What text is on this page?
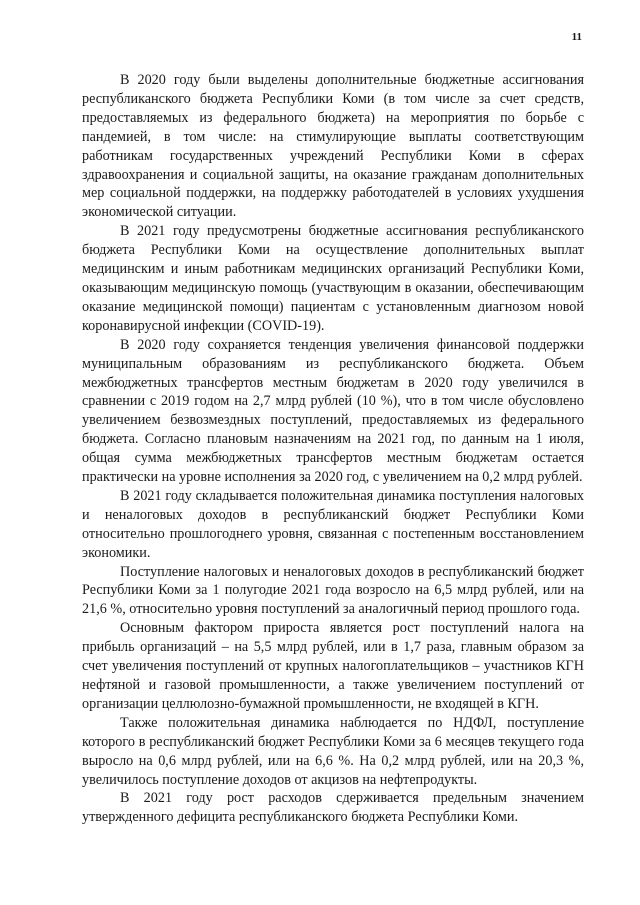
11

В 2020 году были выделены дополнительные бюджетные ассигнования республиканского бюджета Республики Коми (в том числе за счет средств, предоставляемых из федерального бюджета) на мероприятия по борьбе с пандемией, в том числе: на стимулирующие выплаты соответствующим работникам государственных учреждений Республики Коми в сферах здравоохранения и социальной защиты, на оказание гражданам дополнительных мер социальной поддержки, на поддержку работодателей в условиях ухудшения экономической ситуации.

В 2021 году предусмотрены бюджетные ассигнования республиканского бюджета Республики Коми на осуществление дополнительных выплат медицинским и иным работникам медицинских организаций Республики Коми, оказывающим медицинскую помощь (участвующим в оказании, обеспечивающим оказание медицинской помощи) пациентам с установленным диагнозом новой коронавирусной инфекции (COVID-19).

В 2020 году сохраняется тенденция увеличения финансовой поддержки муниципальным образованиям из республиканского бюджета. Объем межбюджетных трансфертов местным бюджетам в 2020 году увеличился в сравнении с 2019 годом на 2,7 млрд рублей (10 %), что в том числе обусловлено увеличением безвозмездных поступлений, предоставляемых из федерального бюджета. Согласно плановым назначениям на 2021 год, по данным на 1 июля, общая сумма межбюджетных трансфертов местным бюджетам остается практически на уровне исполнения за 2020 год, с увеличением на 0,2 млрд рублей.

В 2021 году складывается положительная динамика поступления налоговых и неналоговых доходов в республиканский бюджет Республики Коми относительно прошлогоднего уровня, связанная с постепенным восстановлением экономики.

Поступление налоговых и неналоговых доходов в республиканский бюджет Республики Коми за 1 полугодие 2021 года возросло на 6,5 млрд рублей, или на 21,6 %, относительно уровня поступлений за аналогичный период прошлого года.

Основным фактором прироста является рост поступлений налога на прибыль организаций – на 5,5 млрд рублей, или в 1,7 раза, главным образом за счет увеличения поступлений от крупных налогоплательщиков – участников КГН нефтяной и газовой промышленности, а также увеличением поступлений от организации целлюлозно-бумажной промышленности, не входящей в КГН.

Также положительная динамика наблюдается по НДФЛ, поступление которого в республиканский бюджет Республики Коми за 6 месяцев текущего года выросло на 0,6 млрд рублей, или на 6,6 %. На 0,2 млрд рублей, или на 20,3 %, увеличилось поступление доходов от акцизов на нефтепродукты.

В 2021 году рост расходов сдерживается предельным значением утвержденного дефицита республиканского бюджета Республики Коми.
